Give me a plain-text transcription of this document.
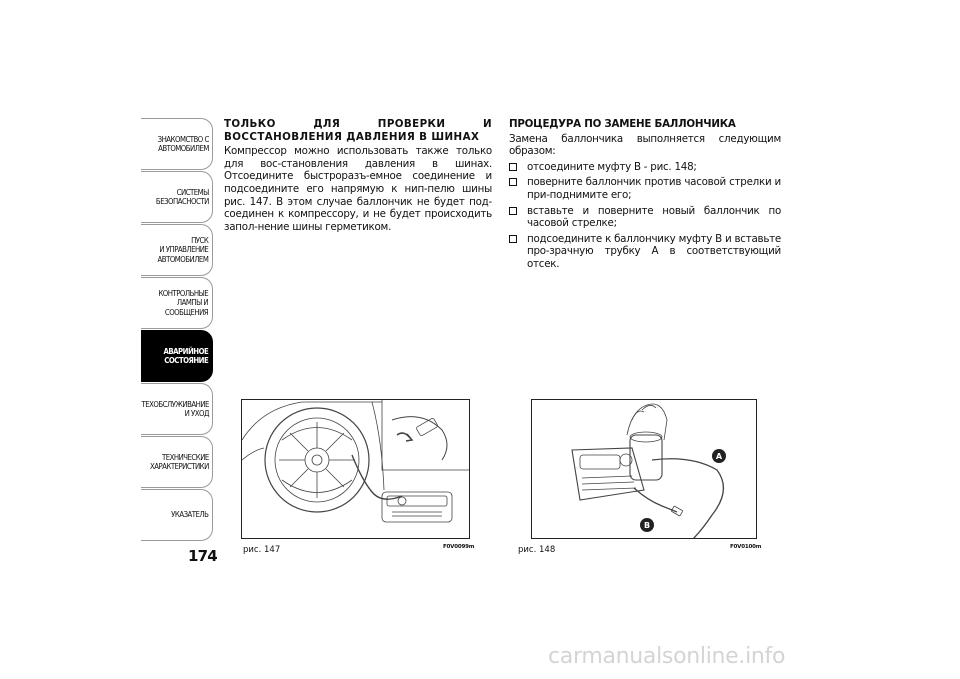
ЗНАКОМСТВО С
АВТОМОБИЛЕМ
СИСТЕМЫ
БЕЗОПАСНОСТИ
ПУСК
И УПРАВЛЕНИЕ
АВТОМОБИЛЕМ
КОНТРОЛЬНЫЕ
ЛАМПЫ И
СООБЩЕНИЯ
АВАРИЙНОЕ
СОСТОЯНИЕ
ТЕХОБСЛУЖИВАНИЕ
И УХОД
ТЕХНИЧЕСКИЕ
ХАРАКТЕРИСТИКИ
УКАЗАТЕЛЬ
174
ТОЛЬКО ДЛЯ ПРОВЕРКИ И ВОССТАНОВЛЕНИЯ ДАВЛЕНИЯ В ШИНАХ

Компрессор можно использовать также только для вос-становления давления в шинах. Отсоедините быстроразъ-емное соединение и подсоедините его напрямую к нип-пелю шины рис. 147. В этом случае баллончик не будет под-соединен к компрессору, и не будет происходить запол-нение шины герметиком.

ПРОЦЕДУРА ПО ЗАМЕНЕ БАЛЛОНЧИКА

Замена баллончика выполняется следующим образом:

отсоедините муфту В - рис. 148;
поверните баллончик против часовой стрелки и при-поднимите его;
вставьте и поверните новый баллончик по часовой стрелке;
подсоедините к баллончику муфту В и вставьте про-зрачную трубку А в соответствующий отсек.
рис. 147	F0V0099m
A
B
рис. 148	F0V0100m
carmanualsonline.info
